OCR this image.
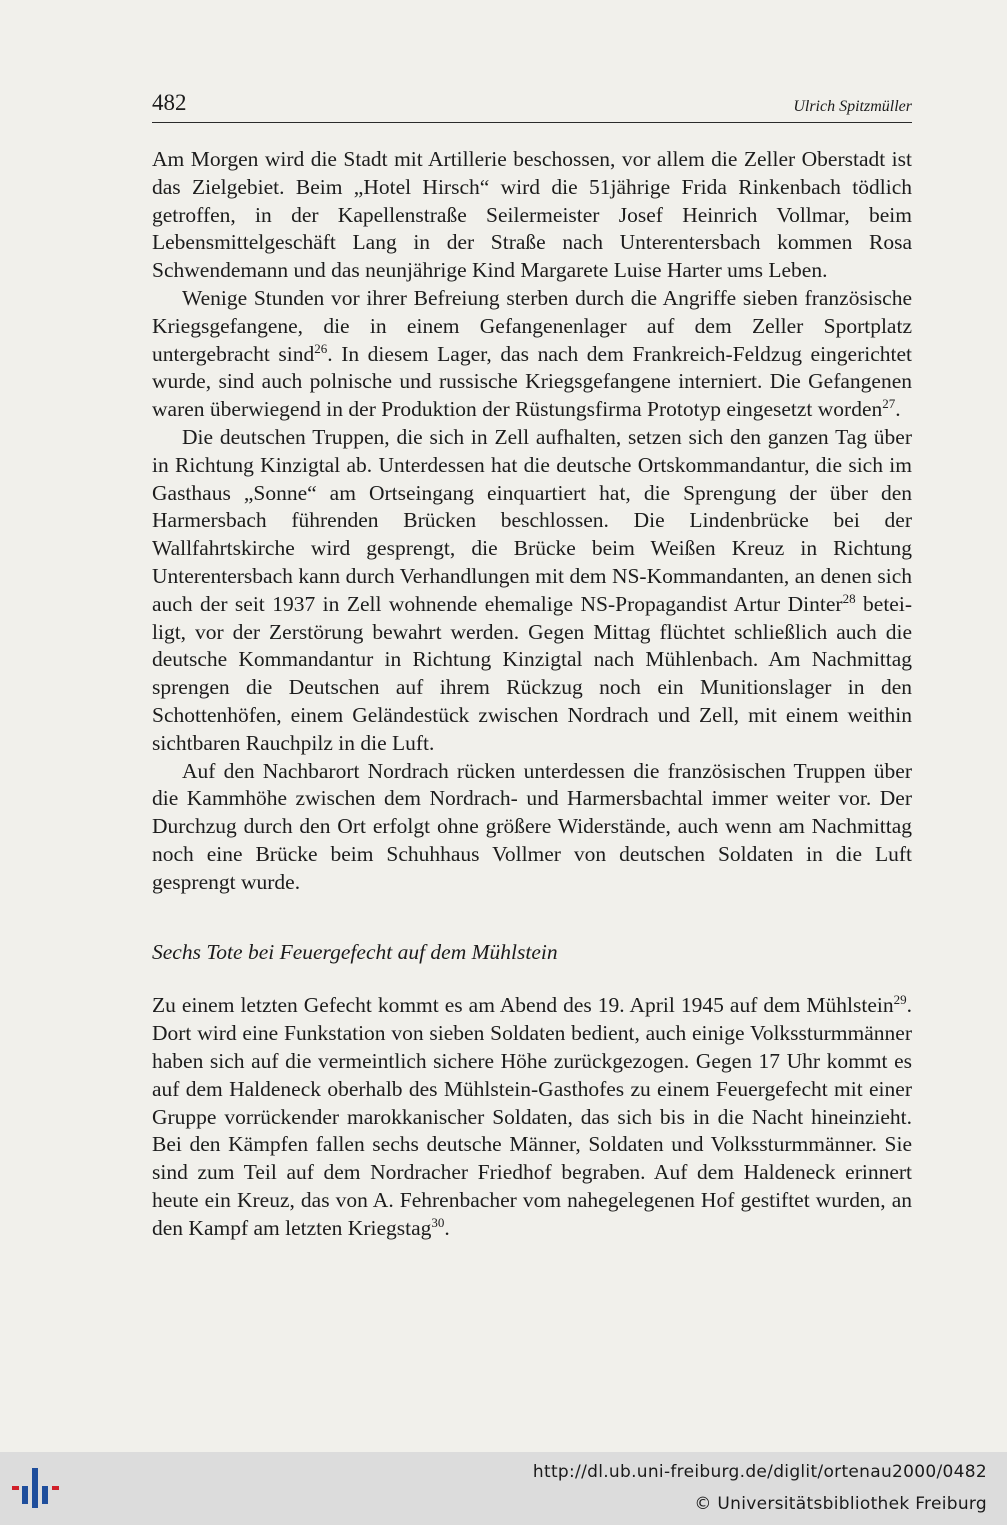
482	Ulrich Spitzmüller

Am Morgen wird die Stadt mit Artillerie beschossen, vor allem die Zeller Oberstadt ist das Zielgebiet. Beim „Hotel Hirsch“ wird die 51jährige Frida Rinkenbach tödlich getroffen, in der Kapellenstraße Seilermeister Josef Heinrich Vollmar, beim Lebensmittelgeschäft Lang in der Straße nach Unterentersbach kommen Rosa Schwendemann und das neunjährige Kind Margarete Luise Harter ums Leben.

Wenige Stunden vor ihrer Befreiung sterben durch die Angriffe sieben französische Kriegsgefangene, die in einem Gefangenenlager auf dem Zeller Sportplatz untergebracht sind$^{26}$. In diesem Lager, das nach dem Frankreich-Feldzug eingerichtet wurde, sind auch polnische und russische Kriegsgefangene interniert. Die Gefangenen waren überwiegend in der Produktion der Rüstungsfirma Prototyp eingesetzt worden$^{27}$.

Die deutschen Truppen, die sich in Zell aufhalten, setzen sich den ganzen Tag über in Richtung Kinzigtal ab. Unterdessen hat die deutsche Ortskommandantur, die sich im Gasthaus „Sonne“ am Ortseingang einquartiert hat, die Sprengung der über den Harmersbach führenden Brücken beschlossen. Die Lindenbrücke bei der Wallfahrtskirche wird gesprengt, die Brücke beim Weißen Kreuz in Richtung Unterentersbach kann durch Verhandlungen mit dem NS-Kommandanten, an denen sich auch der seit 1937 in Zell wohnende ehemalige NS-Propagandist Artur Dinter$^{28}$ beteiligt, vor der Zerstörung bewahrt werden. Gegen Mittag flüchtet schließlich auch die deutsche Kommandantur in Richtung Kinzigtal nach Mühlenbach. Am Nachmittag sprengen die Deutschen auf ihrem Rückzug noch ein Munitionslager in den Schottenhöfen, einem Geländestück zwischen Nordrach und Zell, mit einem weithin sichtbaren Rauchpilz in die Luft.

Auf den Nachbarort Nordrach rücken unterdessen die französischen Truppen über die Kammhöhe zwischen dem Nordrach- und Harmersbachtal immer weiter vor. Der Durchzug durch den Ort erfolgt ohne größere Widerstände, auch wenn am Nachmittag noch eine Brücke beim Schuhhaus Vollmer von deutschen Soldaten in die Luft gesprengt wurde.

Sechs Tote bei Feuergefecht auf dem Mühlstein

Zu einem letzten Gefecht kommt es am Abend des 19. April 1945 auf dem Mühlstein$^{29}$. Dort wird eine Funkstation von sieben Soldaten bedient, auch einige Volkssturmmänner haben sich auf die vermeintlich sichere Höhe zurückgezogen. Gegen 17 Uhr kommt es auf dem Haldeneck oberhalb des Mühlstein-Gasthofes zu einem Feuergefecht mit einer Gruppe vorrückender marokkanischer Soldaten, das sich bis in die Nacht hineinzieht. Bei den Kämpfen fallen sechs deutsche Männer, Soldaten und Volkssturmmänner. Sie sind zum Teil auf dem Nordracher Friedhof begraben. Auf dem Haldeneck erinnert heute ein Kreuz, das von A. Fehrenbacher vom nahegelegenen Hof gestiftet wurden, an den Kampf am letzten Kriegstag$^{30}$.

http://dl.ub.uni-freiburg.de/diglit/ortenau2000/0482
© Universitätsbibliothek Freiburg
